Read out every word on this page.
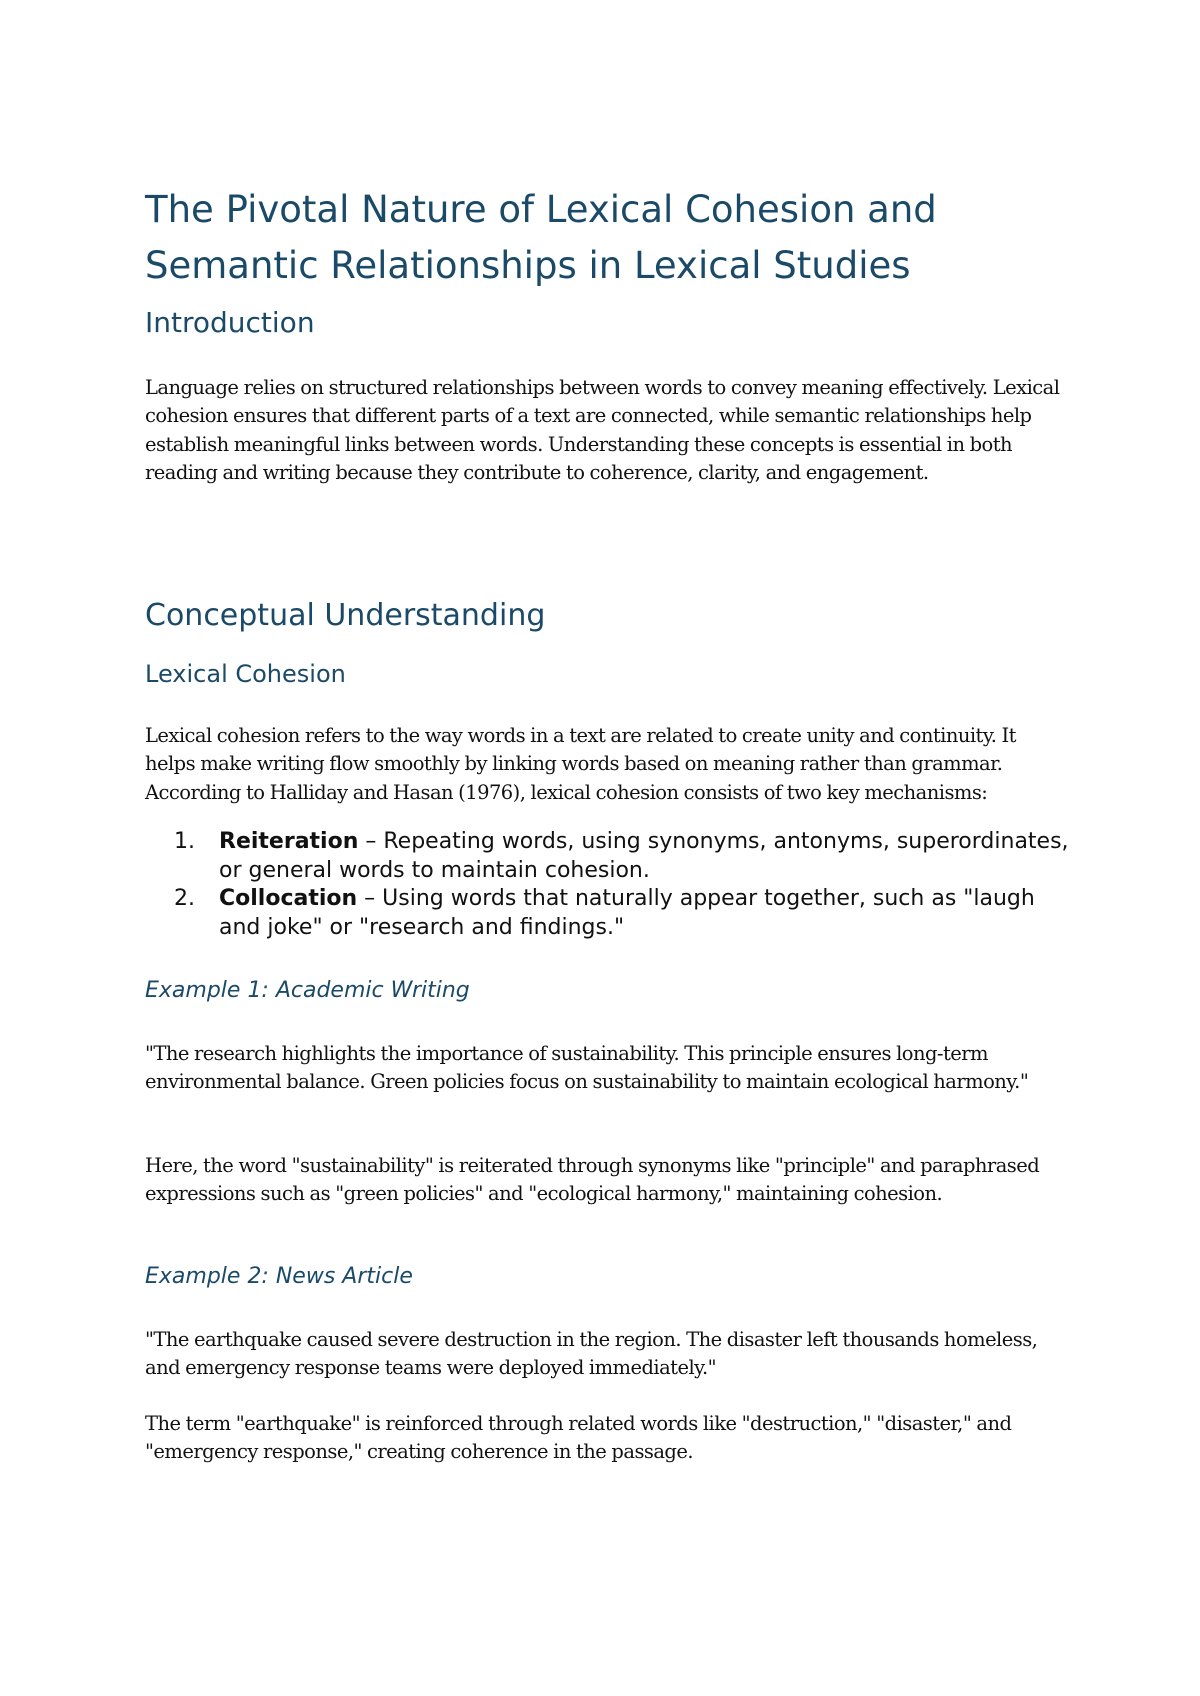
The Pivotal Nature of Lexical Cohesion and Semantic Relationships in Lexical Studies
Introduction

Language relies on structured relationships between words to convey meaning effectively. Lexical cohesion ensures that different parts of a text are connected, while semantic relationships help establish meaningful links between words. Understanding these concepts is essential in both reading and writing because they contribute to coherence, clarity, and engagement.

Conceptual Understanding
Lexical Cohesion

Lexical cohesion refers to the way words in a text are related to create unity and continuity. It helps make writing flow smoothly by linking words based on meaning rather than grammar. According to Halliday and Hasan (1976), lexical cohesion consists of two key mechanisms:

1. Reiteration – Repeating words, using synonyms, antonyms, superordinates, or general words to maintain cohesion.
2. Collocation – Using words that naturally appear together, such as "laugh and joke" or "research and findings."
Example 1: Academic Writing

"The research highlights the importance of sustainability. This principle ensures long-term environmental balance. Green policies focus on sustainability to maintain ecological harmony."

Here, the word "sustainability" is reiterated through synonyms like "principle" and paraphrased expressions such as "green policies" and "ecological harmony," maintaining cohesion.

Example 2: News Article

"The earthquake caused severe destruction in the region. The disaster left thousands homeless, and emergency response teams were deployed immediately."

The term "earthquake" is reinforced through related words like "destruction," "disaster," and "emergency response," creating coherence in the passage.
